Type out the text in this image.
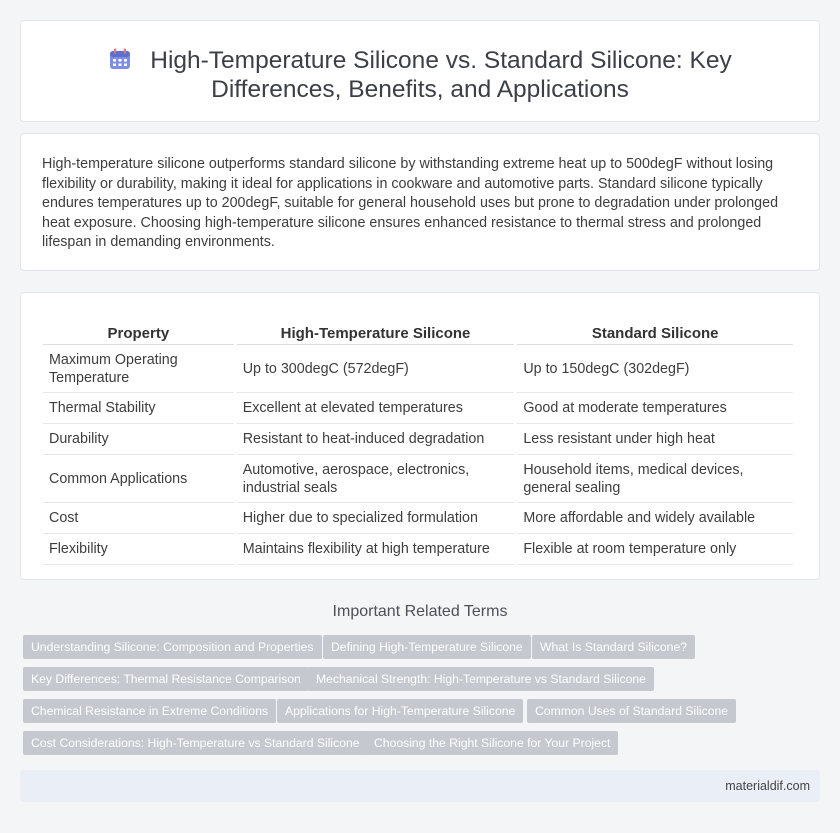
High-Temperature Silicone vs. Standard Silicone: Key Differences, Benefits, and Applications
High-temperature silicone outperforms standard silicone by withstanding extreme heat up to 500degF without losing flexibility or durability, making it ideal for applications in cookware and automotive parts. Standard silicone typically endures temperatures up to 200degF, suitable for general household uses but prone to degradation under prolonged heat exposure. Choosing high-temperature silicone ensures enhanced resistance to thermal stress and prolonged lifespan in demanding environments.
Property	High-Temperature Silicone	Standard Silicone
Maximum Operating Temperature	Up to 300degC (572degF)	Up to 150degC (302degF)
Thermal Stability	Excellent at elevated temperatures	Good at moderate temperatures
Durability	Resistant to heat-induced degradation	Less resistant under high heat
Common Applications	Automotive, aerospace, electronics, industrial seals	Household items, medical devices, general sealing
Cost	Higher due to specialized formulation	More affordable and widely available
Flexibility	Maintains flexibility at high temperature	Flexible at room temperature only
Important Related Terms
Understanding Silicone: Composition and Properties	Defining High-Temperature Silicone	What Is Standard Silicone?
Key Differences: Thermal Resistance Comparison	Mechanical Strength: High-Temperature vs Standard Silicone
Chemical Resistance in Extreme Conditions	Applications for High-Temperature Silicone	Common Uses of Standard Silicone
Cost Considerations: High-Temperature vs Standard Silicone	Choosing the Right Silicone for Your Project
materialdif.com
